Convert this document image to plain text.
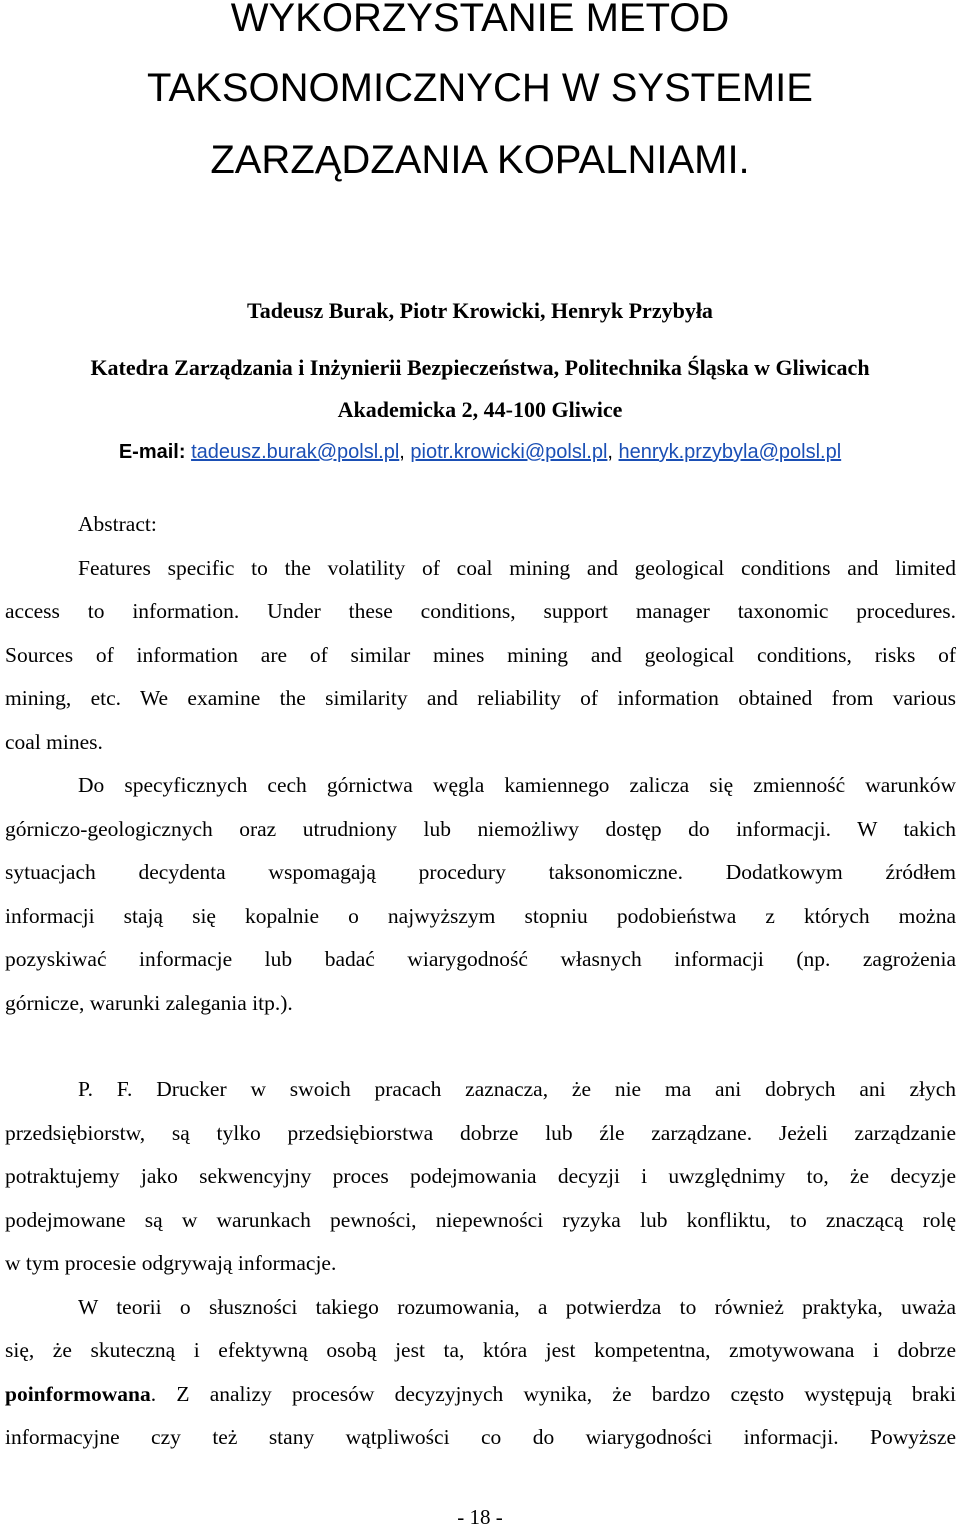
WYKORZYSTANIE METOD
TAKSONOMICZNYCH W SYSTEMIE
ZARZĄDZANIA KOPALNIAMI.
Tadeusz Burak, Piotr Krowicki, Henryk Przybyła
Katedra Zarządzania i Inżynierii Bezpieczeństwa, Politechnika Śląska w Gliwicach
Akademicka 2, 44-100 Gliwice
E-mail: tadeusz.burak@polsl.pl, piotr.krowicki@polsl.pl, henryk.przybyla@polsl.pl
Abstract:
Features specific to the volatility of coal mining and geological conditions and limited
access to information. Under these conditions, support manager taxonomic procedures.
Sources of information are of similar mines mining and geological conditions, risks of
mining, etc. We examine the similarity and reliability of information obtained from various
coal mines.
Do specyficznych cech górnictwa węgla kamiennego zalicza się zmienność warunków
górniczo-geologicznych oraz utrudniony lub niemożliwy dostęp do informacji. W takich
sytuacjach decydenta wspomagają procedury taksonomiczne. Dodatkowym źródłem
informacji stają się kopalnie o najwyższym stopniu podobieństwa z których można
pozyskiwać informacje lub badać wiarygodność własnych informacji (np. zagrożenia
górnicze, warunki zalegania itp.).
P. F. Drucker w swoich pracach zaznacza, że nie ma ani dobrych ani złych
przedsiębiorstw, są tylko przedsiębiorstwa dobrze lub źle zarządzane. Jeżeli zarządzanie
potraktujemy jako sekwencyjny proces podejmowania decyzji i uwzględnimy to, że decyzje
podejmowane są w warunkach pewności, niepewności ryzyka lub konfliktu, to znaczącą rolę
w tym procesie odgrywają informacje.
W teorii o słuszności takiego rozumowania, a potwierdza to również praktyka, uważa
się, że skuteczną i efektywną osobą jest ta, która jest kompetentna, zmotywowana i dobrze
poinformowana. Z analizy procesów decyzyjnych wynika, że bardzo często występują braki
informacyjne czy też stany wątpliwości co do wiarygodności informacji. Powyższe
- 18 -
